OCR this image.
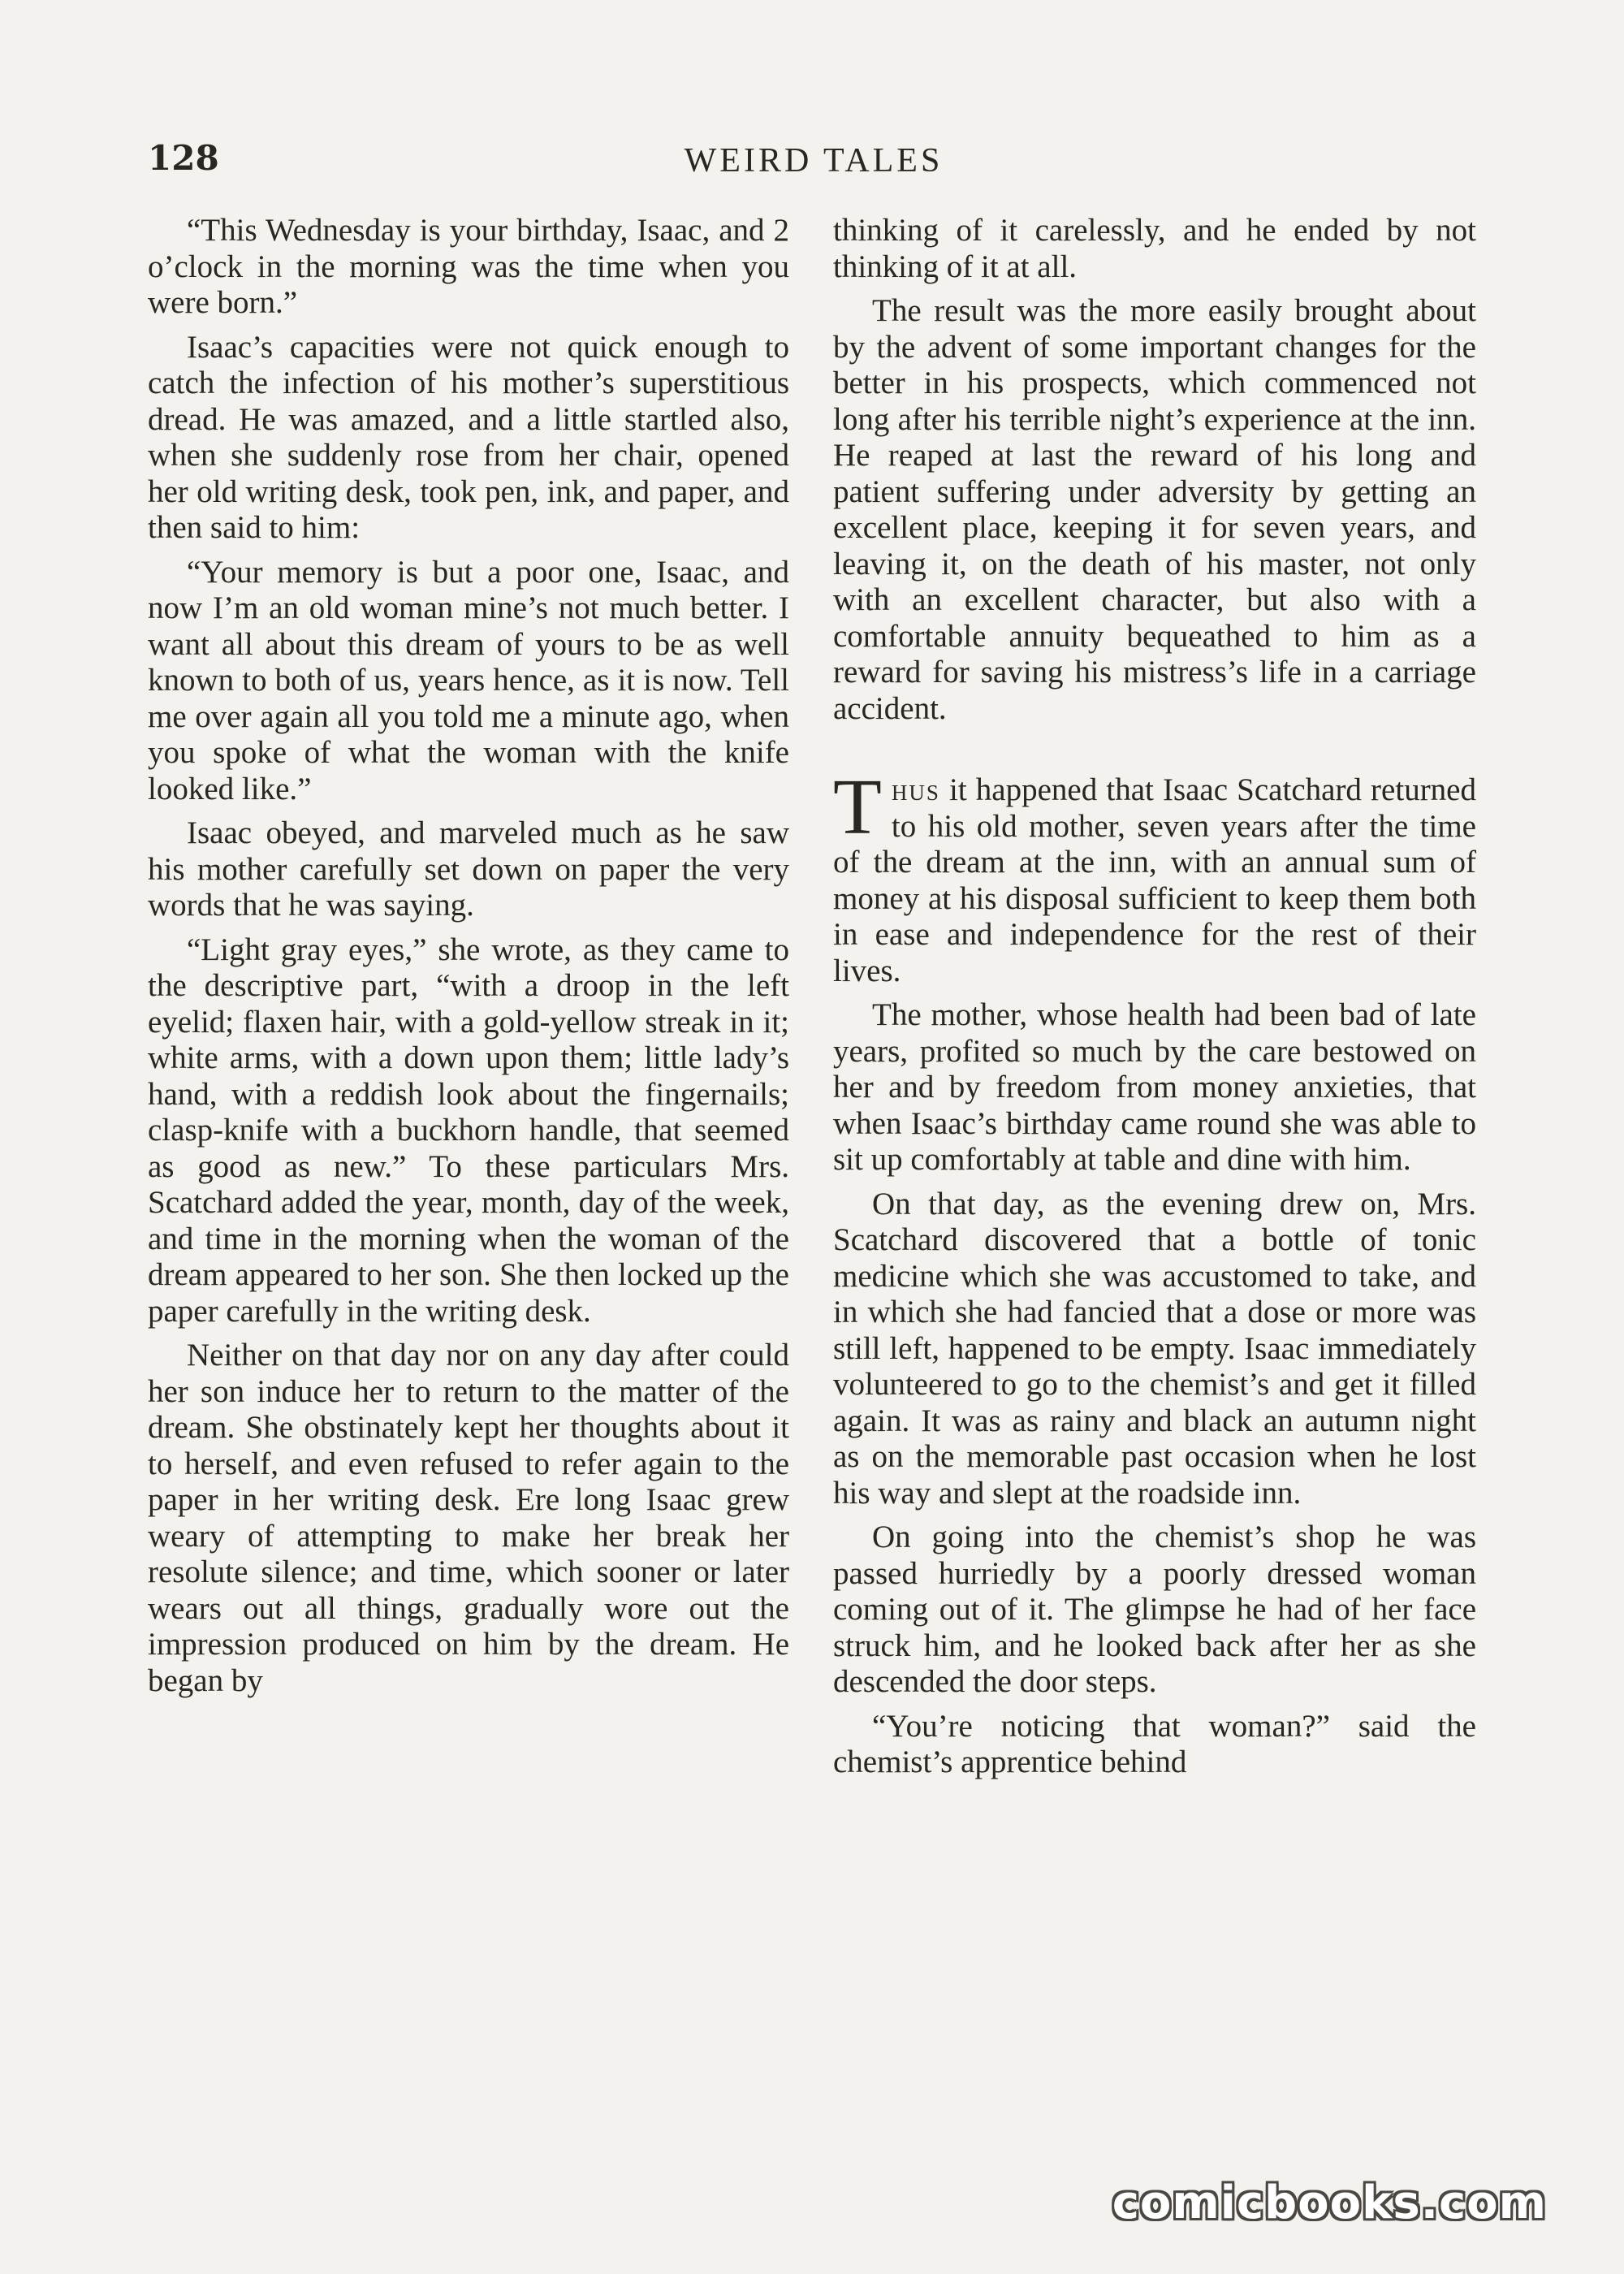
128	WEIRD TALES

“This Wednesday is your birthday, Isaac, and 2 o’clock in the morning was the time when you were born.”

Isaac’s capacities were not quick enough to catch the infection of his mother’s superstitious dread. He was amazed, and a little startled also, when she suddenly rose from her chair, opened her old writing desk, took pen, ink, and paper, and then said to him:

“Your memory is but a poor one, Isaac, and now I’m an old woman mine’s not much better. I want all about this dream of yours to be as well known to both of us, years hence, as it is now. Tell me over again all you told me a minute ago, when you spoke of what the woman with the knife looked like.”

Isaac obeyed, and marveled much as he saw his mother carefully set down on paper the very words that he was saying.

“Light gray eyes,” she wrote, as they came to the descriptive part, “with a droop in the left eyelid; flaxen hair, with a gold-yellow streak in it; white arms, with a down upon them; little lady’s hand, with a reddish look about the fingernails; clasp-knife with a buckhorn handle, that seemed as good as new.” To these particulars Mrs. Scatchard added the year, month, day of the week, and time in the morning when the woman of the dream appeared to her son. She then locked up the paper carefully in the writing desk.

Neither on that day nor on any day after could her son induce her to return to the matter of the dream. She obstinately kept her thoughts about it to herself, and even refused to refer again to the paper in her writing desk. Ere long Isaac grew weary of attempting to make her break her resolute silence; and time, which sooner or later wears out all things, gradually wore out the impression produced on him by the dream. He began by

thinking of it carelessly, and he ended by not thinking of it at all.

The result was the more easily brought about by the advent of some important changes for the better in his prospects, which commenced not long after his terrible night’s experience at the inn. He reaped at last the reward of his long and patient suffering under adversity by getting an excellent place, keeping it for seven years, and leaving it, on the death of his master, not only with an excellent character, but also with a comfortable annuity bequeathed to him as a reward for saving his mistress’s life in a carriage accident.

Thus it happened that Isaac Scatchard returned to his old mother, seven years after the time of the dream at the inn, with an annual sum of money at his disposal sufficient to keep them both in ease and independence for the rest of their lives.

The mother, whose health had been bad of late years, profited so much by the care bestowed on her and by freedom from money anxieties, that when Isaac’s birthday came round she was able to sit up comfortably at table and dine with him.

On that day, as the evening drew on, Mrs. Scatchard discovered that a bottle of tonic medicine which she was accustomed to take, and in which she had fancied that a dose or more was still left, happened to be empty. Isaac immediately volunteered to go to the chemist’s and get it filled again. It was as rainy and black an autumn night as on the memorable past occasion when he lost his way and slept at the roadside inn.

On going into the chemist’s shop he was passed hurriedly by a poorly dressed woman coming out of it. The glimpse he had of her face struck him, and he looked back after her as she descended the door steps.

“You’re noticing that woman?” said the chemist’s apprentice behind

comicbooks.com
